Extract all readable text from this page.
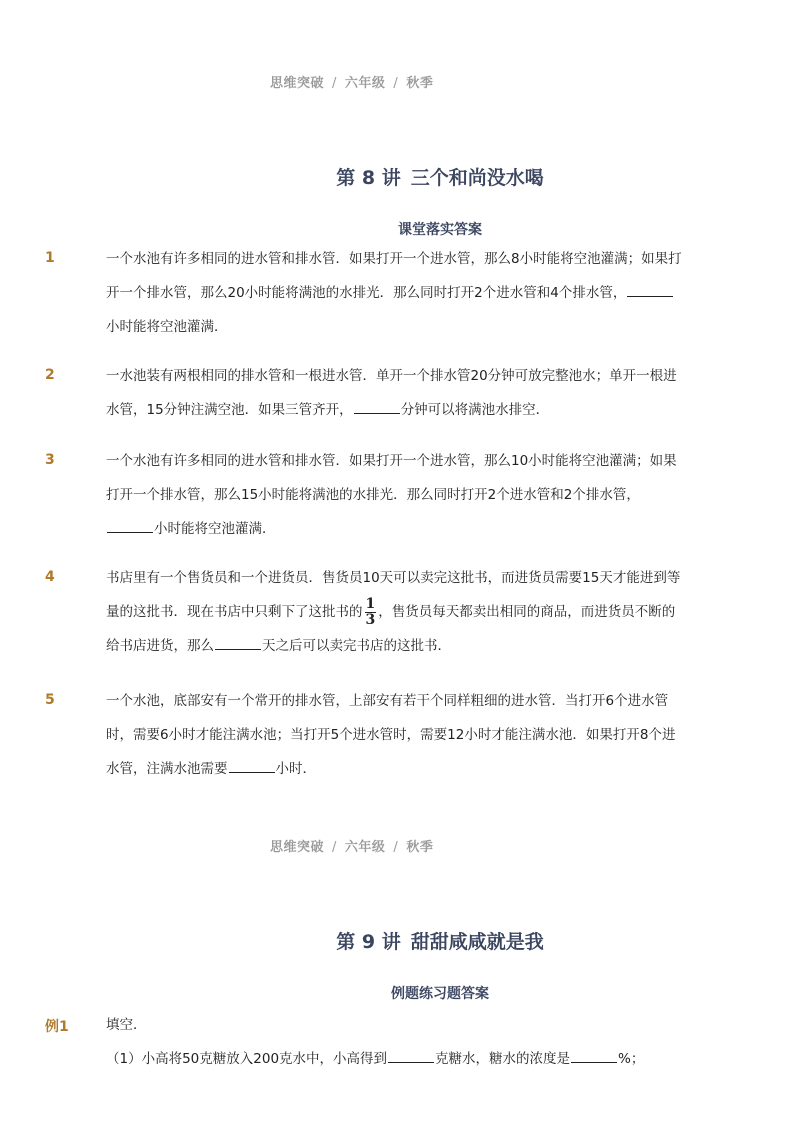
思维突破 / 六年级 / 秋季
第 8 讲 三个和尚没水喝
课堂落实答案
1	一个水池有许多相同的进水管和排水管．如果打开一个进水管，那么8小时能将空池灌满；如果打
开一个排水管，那么20小时能将满池的水排光．那么同时打开2个进水管和4个排水管，
小时能将空池灌满．
2	一水池装有两根相同的排水管和一根进水管．单开一个排水管20分钟可放完整池水；单开一根进
水管，15分钟注满空池．如果三管齐开，	分钟可以将满池水排空．
3	一个水池有许多相同的进水管和排水管．如果打开一个进水管，那么10小时能将空池灌满；如果
打开一个排水管，那么15小时能将满池的水排光．那么同时打开2个进水管和2个排水管，
小时能将空池灌满．
4	书店里有一个售货员和一个进货员．售货员10天可以卖完这批书，而进货员需要15天才能进到等
量的这批书．现在书店中只剩下了这批书的 $\frac{1}{3}$ ，售货员每天都卖出相同的商品，而进货员不断的
给书店进货，那么	天之后可以卖完书店的这批书．
5	一个水池，底部安有一个常开的排水管，上部安有若干个同样粗细的进水管．当打开6个进水管
时，需要6小时才能注满水池；当打开5个进水管时，需要12小时才能注满水池．如果打开8个进
水管，注满水池需要	小时．
思维突破 / 六年级 / 秋季
第 9 讲 甜甜咸咸就是我
例题练习题答案
例1	填空．
（1）小高将50克糖放入200克水中，小高得到	克糖水，糖水的浓度是	%；
